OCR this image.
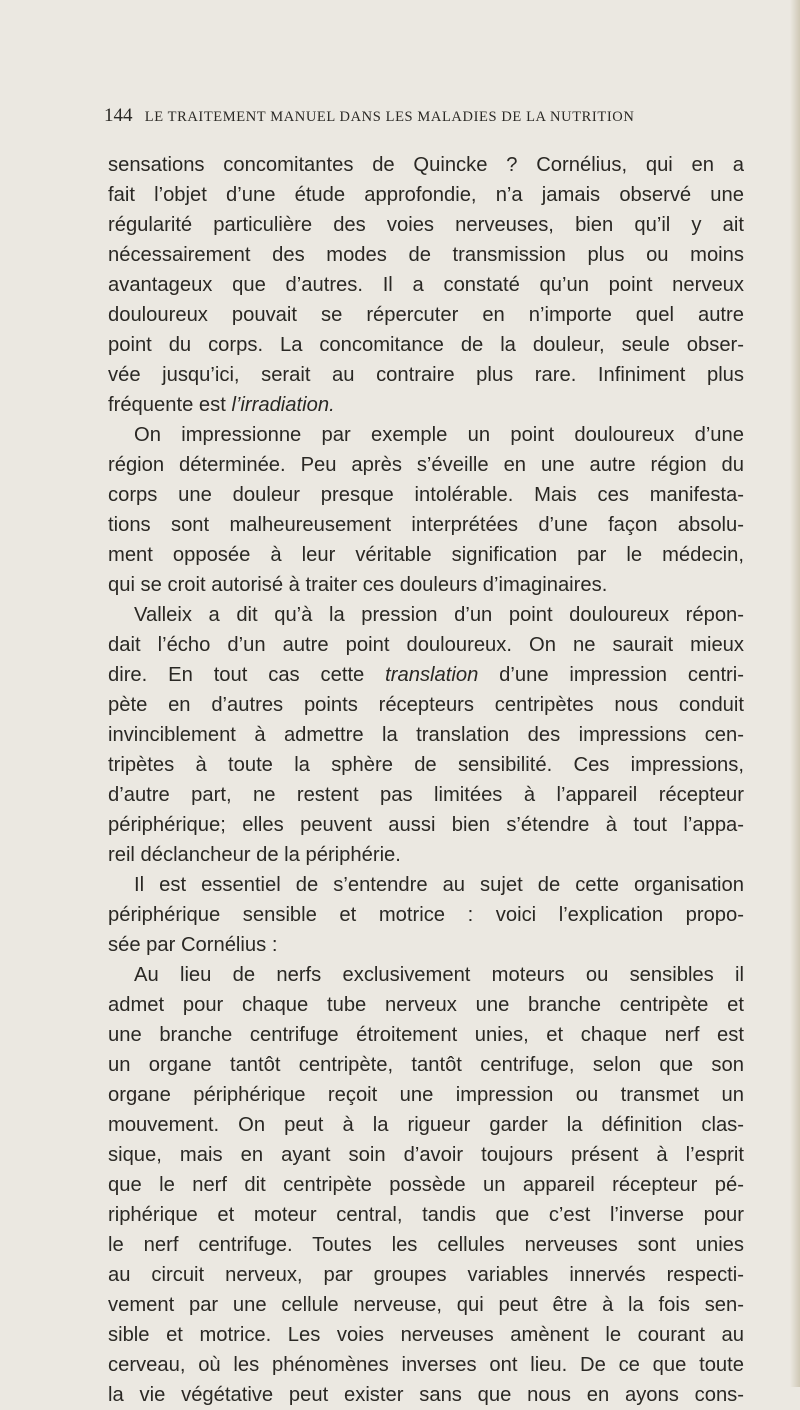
144 LE TRAITEMENT MANUEL DANS LES MALADIES DE LA NUTRITION
sensations concomitantes de Quincke ? Cornélius, qui en a
fait l’objet d’une étude approfondie, n’a jamais observé une
régularité particulière des voies nerveuses, bien qu’il y ait
nécessairement des modes de transmission plus ou moins
avantageux que d’autres. Il a constaté qu’un point nerveux
douloureux pouvait se répercuter en n’importe quel autre
point du corps. La concomitance de la douleur, seule obser-
vée jusqu’ici, serait au contraire plus rare. Infiniment plus
fréquente est l’irradiation.
On impressionne par exemple un point douloureux d’une
région déterminée. Peu après s’éveille en une autre région du
corps une douleur presque intolérable. Mais ces manifesta-
tions sont malheureusement interprétées d’une façon absolu-
ment opposée à leur véritable signification par le médecin,
qui se croit autorisé à traiter ces douleurs d’imaginaires.
Valleix a dit qu’à la pression d’un point douloureux répon-
dait l’écho d’un autre point douloureux. On ne saurait mieux
dire. En tout cas cette translation d’une impression centri-
pète en d’autres points récepteurs centripètes nous conduit
invinciblement à admettre la translation des impressions cen-
tripètes à toute la sphère de sensibilité. Ces impressions,
d’autre part, ne restent pas limitées à l’appareil récepteur
périphérique; elles peuvent aussi bien s’étendre à tout l’appa-
reil déclancheur de la périphérie.
Il est essentiel de s’entendre au sujet de cette organisation
périphérique sensible et motrice : voici l’explication propo-
sée par Cornélius :
Au lieu de nerfs exclusivement moteurs ou sensibles il
admet pour chaque tube nerveux une branche centripète et
une branche centrifuge étroitement unies, et chaque nerf est
un organe tantôt centripète, tantôt centrifuge, selon que son
organe périphérique reçoit une impression ou transmet un
mouvement. On peut à la rigueur garder la définition clas-
sique, mais en ayant soin d’avoir toujours présent à l’esprit
que le nerf dit centripète possède un appareil récepteur pé-
riphérique et moteur central, tandis que c’est l’inverse pour
le nerf centrifuge. Toutes les cellules nerveuses sont unies
au circuit nerveux, par groupes variables innervés respecti-
vement par une cellule nerveuse, qui peut être à la fois sen-
sible et motrice. Les voies nerveuses amènent le courant au
cerveau, où les phénomènes inverses ont lieu. De ce que toute
la vie végétative peut exister sans que nous en ayons cons-
